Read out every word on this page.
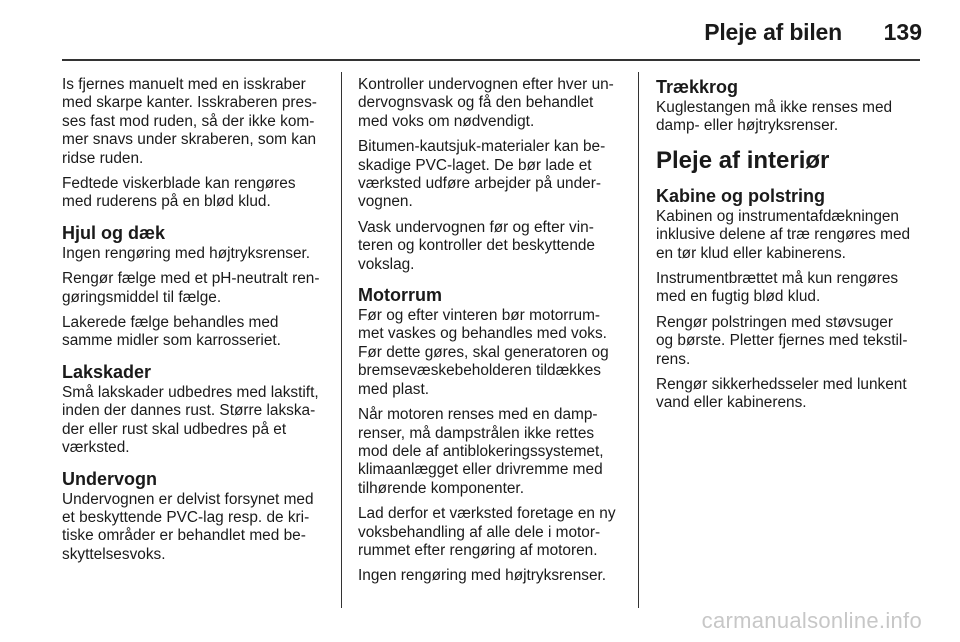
Pleje af bilen 139

Is fjernes manuelt med en isskraber
med skarpe kanter. Isskraberen pres-
ses fast mod ruden, så der ikke kom-
mer snavs under skraberen, som kan
ridse ruden.

Fedtede viskerblade kan rengøres
med ruderens på en blød klud.

Hjul og dæk

Ingen rengøring med højtryksrenser.

Rengør fælge med et pH-neutralt ren-
gøringsmiddel til fælge.

Lakerede fælge behandles med
samme midler som karrosseriet.

Lakskader

Små lakskader udbedres med lakstift,
inden der dannes rust. Større lakska-
der eller rust skal udbedres på et
værksted.

Undervogn

Undervognen er delvist forsynet med
et beskyttende PVC-lag resp. de kri-
tiske områder er behandlet med be-
skyttelsesvoks.

Kontroller undervognen efter hver un-
dervognsvask og få den behandlet
med voks om nødvendigt.

Bitumen-kautsjuk-materialer kan be-
skadige PVC-laget. De bør lade et
værksted udføre arbejder på under-
vognen.

Vask undervognen før og efter vin-
teren og kontroller det beskyttende
vokslag.

Motorrum

Før og efter vinteren bør motorrum-
met vaskes og behandles med voks.
Før dette gøres, skal generatoren og
bremsevæskebeholderen tildækkes
med plast.

Når motoren renses med en damp-
renser, må dampstrålen ikke rettes
mod dele af antiblokeringssystemet,
klimaanlægget eller drivremme med
tilhørende komponenter.

Lad derfor et værksted foretage en ny
voksbehandling af alle dele i motor-
rummet efter rengøring af motoren.

Ingen rengøring med højtryksrenser.

Trækkrog

Kuglestangen må ikke renses med
damp- eller højtryksrenser.

Pleje af interiør
Kabine og polstring

Kabinen og instrumentafdækningen
inklusive delene af træ rengøres med
en tør klud eller kabinerens.

Instrumentbrættet må kun rengøres
med en fugtig blød klud.

Rengør polstringen med støvsuger
og børste. Pletter fjernes med tekstil-
rens.

Rengør sikkerhedsseler med lunkent
vand eller kabinerens.

carmanualsonline.info
